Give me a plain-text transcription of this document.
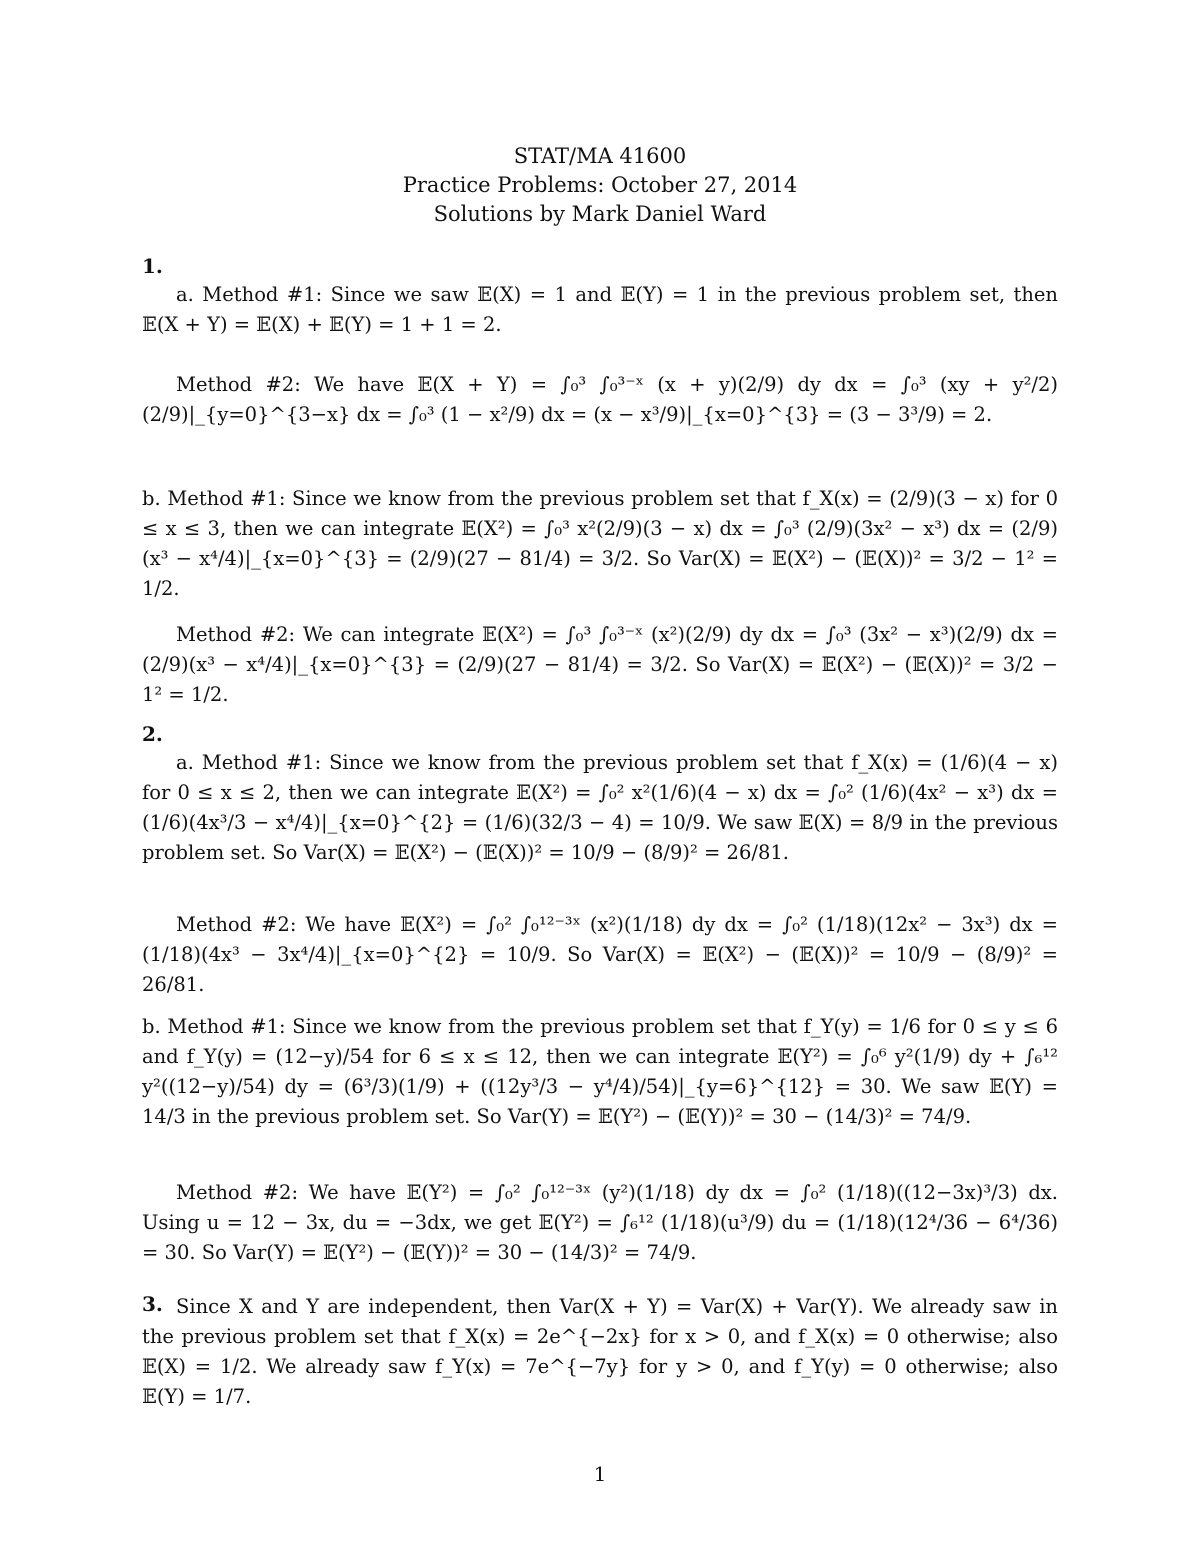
STAT/MA 41600
Practice Problems: October 27, 2014
Solutions by Mark Daniel Ward
1.
a. Method #1: Since we saw 𝔼(X) = 1 and 𝔼(Y) = 1 in the previous problem set, then 𝔼(X + Y) = 𝔼(X) + 𝔼(Y) = 1 + 1 = 2.
Method #2: We have 𝔼(X + Y) = ∫₀³ ∫₀³⁻ˣ (x + y)(2/9) dy dx = ∫₀³ (xy + y²/2)(2/9)|_{y=0}^{3−x} dx = ∫₀³ (1 − x²/9) dx = (x − x³/9)|_{x=0}^{3} = (3 − 3³/9) = 2.
b. Method #1: Since we know from the previous problem set that f_X(x) = (2/9)(3 − x) for 0 ≤ x ≤ 3, then we can integrate 𝔼(X²) = ∫₀³ x²(2/9)(3 − x) dx = ∫₀³ (2/9)(3x² − x³) dx = (2/9)(x³ − x⁴/4)|_{x=0}^{3} = (2/9)(27 − 81/4) = 3/2. So Var(X) = 𝔼(X²) − (𝔼(X))² = 3/2 − 1² = 1/2.
Method #2: We can integrate 𝔼(X²) = ∫₀³ ∫₀³⁻ˣ (x²)(2/9) dy dx = ∫₀³ (3x² − x³)(2/9) dx = (2/9)(x³ − x⁴/4)|_{x=0}^{3} = (2/9)(27 − 81/4) = 3/2. So Var(X) = 𝔼(X²) − (𝔼(X))² = 3/2 − 1² = 1/2.
2.
a. Method #1: Since we know from the previous problem set that f_X(x) = (1/6)(4 − x) for 0 ≤ x ≤ 2, then we can integrate 𝔼(X²) = ∫₀² x²(1/6)(4 − x) dx = ∫₀² (1/6)(4x² − x³) dx = (1/6)(4x³/3 − x⁴/4)|_{x=0}^{2} = (1/6)(32/3 − 4) = 10/9. We saw 𝔼(X) = 8/9 in the previous problem set. So Var(X) = 𝔼(X²) − (𝔼(X))² = 10/9 − (8/9)² = 26/81.
Method #2: We have 𝔼(X²) = ∫₀² ∫₀¹²⁻³ˣ (x²)(1/18) dy dx = ∫₀² (1/18)(12x² − 3x³) dx = (1/18)(4x³ − 3x⁴/4)|_{x=0}^{2} = 10/9. So Var(X) = 𝔼(X²) − (𝔼(X))² = 10/9 − (8/9)² = 26/81.
b. Method #1: Since we know from the previous problem set that f_Y(y) = 1/6 for 0 ≤ y ≤ 6 and f_Y(y) = (12−y)/54 for 6 ≤ x ≤ 12, then we can integrate 𝔼(Y²) = ∫₀⁶ y²(1/9) dy + ∫₆¹² y²((12−y)/54) dy = (6³/3)(1/9) + ((12y³/3 − y⁴/4)/54)|_{y=6}^{12} = 30. We saw 𝔼(Y) = 14/3 in the previous problem set. So Var(Y) = 𝔼(Y²) − (𝔼(Y))² = 30 − (14/3)² = 74/9.
Method #2: We have 𝔼(Y²) = ∫₀² ∫₀¹²⁻³ˣ (y²)(1/18) dy dx = ∫₀² (1/18)((12−3x)³/3) dx. Using u = 12 − 3x, du = −3dx, we get 𝔼(Y²) = ∫₆¹² (1/18)(u³/9) du = (1/18)(12⁴/36 − 6⁴/36) = 30. So Var(Y) = 𝔼(Y²) − (𝔼(Y))² = 30 − (14/3)² = 74/9.
3. Since X and Y are independent, then Var(X + Y) = Var(X) + Var(Y). We already saw in the previous problem set that f_X(x) = 2e^{−2x} for x > 0, and f_X(x) = 0 otherwise; also 𝔼(X) = 1/2. We already saw f_Y(x) = 7e^{−7y} for y > 0, and f_Y(y) = 0 otherwise; also 𝔼(Y) = 1/7.
1
